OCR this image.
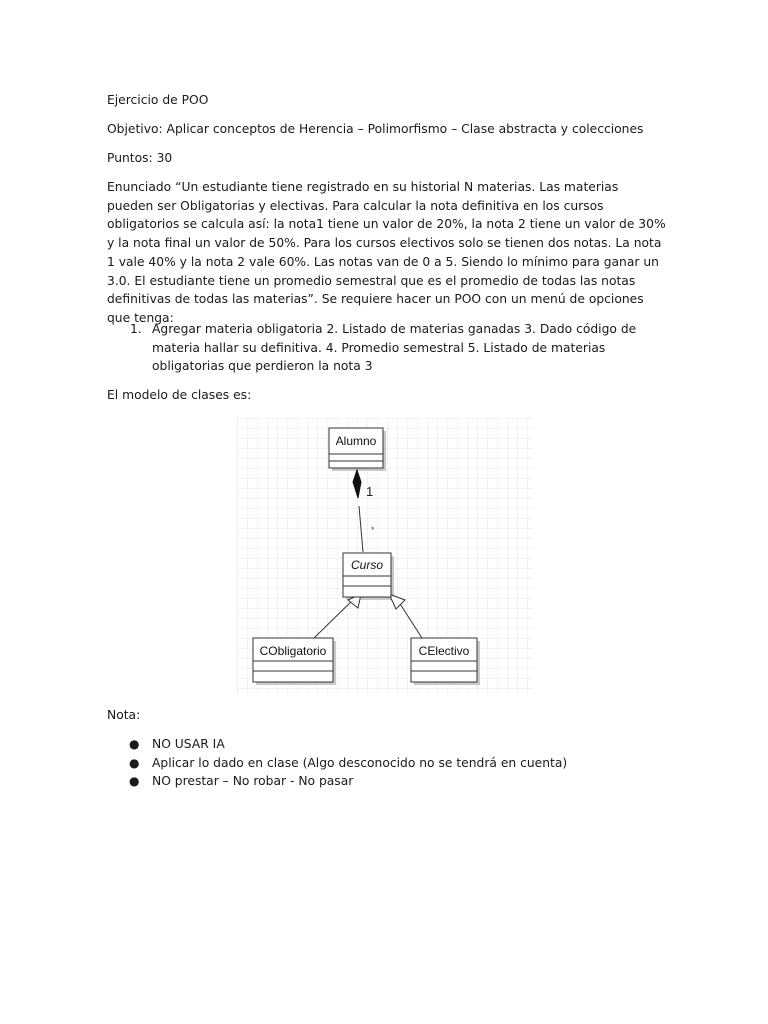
Ejercicio de POO

Objetivo: Aplicar conceptos de Herencia – Polimorfismo – Clase abstracta y colecciones

Puntos: 30

Enunciado “Un estudiante tiene registrado en su historial N materias. Las materias pueden ser Obligatorias y electivas. Para calcular la nota definitiva en los cursos obligatorios se calcula así: la nota1 tiene un valor de 20%, la nota 2 tiene un valor de 30% y la nota final un valor de 50%. Para los cursos electivos solo se tienen dos notas. La nota 1 vale 40% y la nota 2 vale 60%. Las notas van de 0 a 5. Siendo lo mínimo para ganar un 3.0. El estudiante tiene un promedio semestral que es el promedio de todas las notas definitivas de todas las materias”. Se requiere hacer un POO con un menú de opciones que tenga:

1. Agregar materia obligatoria 2. Listado de materias ganadas 3. Dado código de materia hallar su definitiva. 4. Promedio semestral 5. Listado de materias obligatorias que perdieron la nota 3

El modelo de clases es:

1
*
Alumno
Curso
CObligatorio	CElectivo

Nota:

● NO USAR IA
● Aplicar lo dado en clase (Algo desconocido no se tendrá en cuenta)
● NO prestar – No robar - No pasar
